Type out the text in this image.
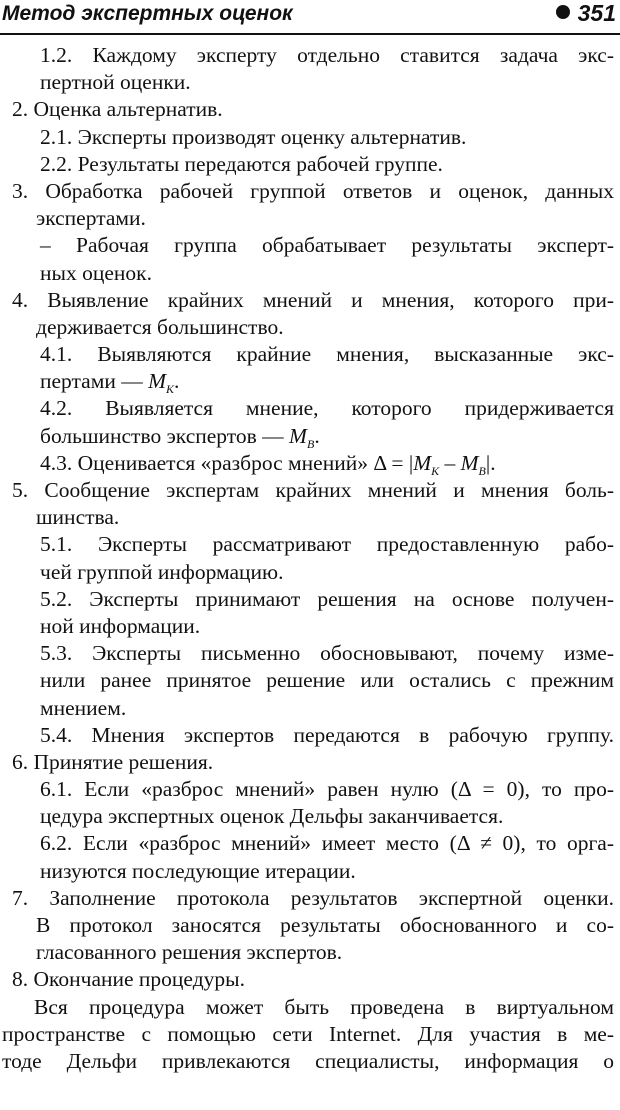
Метод экспертных оценок	351
1.2. Каждому эксперту отдельно ставится задача экс-
пертной оценки.
2. Оценка альтернатив.
2.1. Эксперты производят оценку альтернатив.
2.2. Результаты передаются рабочей группе.
3. Обработка рабочей группой ответов и оценок, данных
экспертами.
– Рабочая группа обрабатывает результаты эксперт-
ных оценок.
4. Выявление крайних мнений и мнения, которого при-
держивается большинство.
4.1. Выявляются крайние мнения, высказанные экс-
пертами — $M_K$.
4.2. Выявляется мнение, которого придерживается
большинство экспертов — $M_B$.
4.3. Оценивается «разброс мнений» $\Delta = |M_K - M_B|$.
5. Сообщение экспертам крайних мнений и мнения боль-
шинства.
5.1. Эксперты рассматривают предоставленную рабо-
чей группой информацию.
5.2. Эксперты принимают решения на основе получен-
ной информации.
5.3. Эксперты письменно обосновывают, почему изме-
нили ранее принятое решение или остались с прежним
мнением.
5.4. Мнения экспертов передаются в рабочую группу.
6. Принятие решения.
6.1. Если «разброс мнений» равен нулю (Δ = 0), то про-
цедура экспертных оценок Дельфы заканчивается.
6.2. Если «разброс мнений» имеет место (Δ ≠ 0), то орга-
низуются последующие итерации.
7. Заполнение протокола результатов экспертной оценки.
В протокол заносятся результаты обоснованного и со-
гласованного решения экспертов.
8. Окончание процедуры.
Вся процедура может быть проведена в виртуальном
пространстве с помощью сети Internet. Для участия в ме-
тоде Дельфи привлекаются специалисты, информация о
